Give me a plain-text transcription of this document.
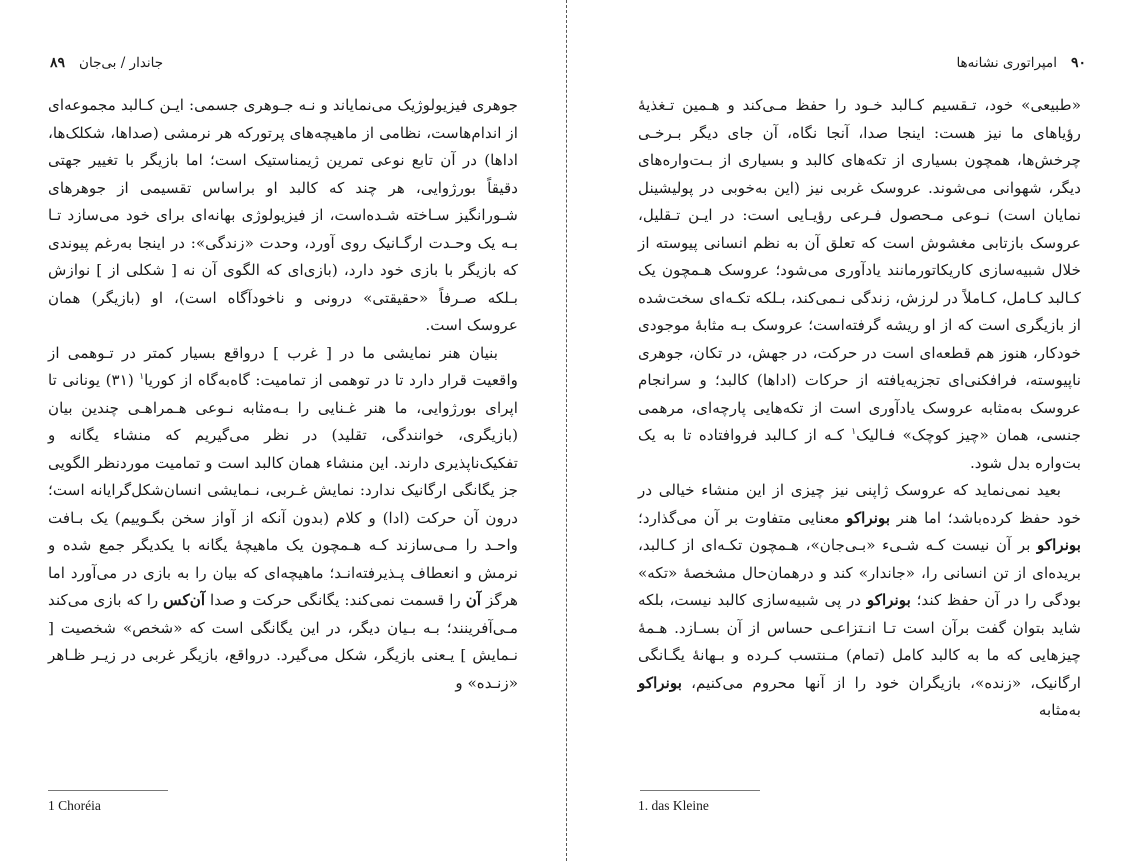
جاندار / بی‌جان
۸۹

جوهری فیزیولوژیک می‌نمایاند و نـه جـوهری جسمی: ایـن کـالبد مجموعه‌ای از اندام‌هاست، نظامی از ماهیچه‌های پرتورکه هر نرمشی (صداها، شکلک‌ها، اداها) در آن تابع نوعی تمرین ژیمناستیک است؛ اما بازیگر با تغییر جهتی دقیقاً بورژوایی، هر چند که کالبد او براساس تقسیمی از جوهرهای شـورانگیز سـاخته شـده‌است، از فیزیولوژی بهانه‌ای برای خود می‌سازد تـا بـه یک وحـدت ارگـانیک روی آورد، وحدت «زندگی»: در اینجا به‌رغم پیوندی که بازیگر با بازی خود دارد، (بازی‌ای که الگوی آن نه [ شکلی از ] نوازش بـلکه صـرفاً «حقیقتی» درونی و ناخودآگاه است)، او (بازیگر) همان عروسک است.

بنیان هنر نمایشی ما در [ غرب ] درواقع بسیار کمتر در تـوهمی از واقعیت قرار دارد تا در توهمی از تمامیت: گاه‌به‌گاه از کوریا$^۱$ (۳۱) یونانی تا اپرای بورژوایی، ما هنر غـنایی را بـه‌مثابه نـوعی هـمراهـی چندین بیان (بازیگری، خوانندگی، تقلید) در نظر می‌گیریم که منشاء یگانه و تفکیک‌ناپذیری دارند. این منشاء همان کالبد است و تمامیت موردنظر الگویی جز یگانگی ارگانیک ندارد: نمایش غـربی، نـمایشی انسان‌شکل‌گرایانه است؛ درون آن حرکت (ادا) و کلام (بدون آنکه از آواز سخن بگـوییم) یک بـافت واحـد را مـی‌سازند کـه هـمچون یک ماهیچهٔ یگانه با یکدیگر جمع شده و نرمش و انعطاف پـذیرفته‌انـد؛ ماهیچه‌ای که بیان را به بازی در می‌آورد اما هرگز آن را قسمت نمی‌کند: یگانگی حرکت و صدا آن‌کس را که بازی می‌کند مـی‌آفرینند؛ بـه بـیان دیگر، در این یگانگی است که «شخص» شخصیت [ نـمایش ] یـعنی بازیگر، شکل می‌گیرد. درواقع، بازیگر غربی در زیـر ظـاهر «زنـده» و

1 Choréia
۹۰
امپراتوری نشانه‌ها

«طبیعی» خود، تـقسیم کـالبد خـود را حفظ مـی‌کند و هـمین تـغذیهٔ رؤیاهای ما نیز هست: اینجا صدا، آنجا نگاه، آن جای دیگر بـرخـی چرخش‌ها، همچون بسیاری از تکه‌های کالبد و بسیاری از بـت‌واره‌های دیگر، شهوانی می‌شوند. عروسک غربی نیز (این به‌خوبی در پولیشینل نمایان است) نـوعی مـحصول فـرعی رؤیـایی است: در ایـن تـقلیل، عروسک بازتابی مغشوش است که تعلق آن به نظم انسانی پیوسته از خلال شبیه‌سازی کاریکاتورمانند یادآوری می‌شود؛ عروسک هـمچون یک کـالبد کـامل، کـاملاً در لرزش، زندگی نـمی‌کند، بـلکه تکـه‌ای سخت‌شده از بازیگری است که از او ریشه گرفته‌است؛ عروسک بـه مثابهٔ موجودی خودکار، هنوز هم قطعه‌ای است در حرکت، در جهش، در تکان، جوهری ناپیوسته، فرافکنی‌ای تجزیه‌یافته از حرکات (اداها) کالبد؛ و سرانجام عروسک به‌مثابه عروسک یادآوری است از تکه‌هایی پارچه‌ای، مرهمی جنسی، همان «چیز کوچک» فـالیک$^۱$ کـه از کـالبد فروافتاده تا به یک بت‌واره بدل شود.

بعید نمی‌نماید که عروسک ژاپنی نیز چیزی از این منشاء خیالی در خود حفظ کرده‌باشد؛ اما هنر بونراکو معنایی متفاوت بر آن می‌گذارد؛ بونراکو بر آن نیست کـه شـیء «بـی‌جان»، هـمچون تکـه‌ای از کـالبد، بریده‌ای از تن انسانی را، «جاندار» کند و درهمان‌حال مشخصهٔ «تکه» بودگی را در آن حفظ کند؛ بونراکو در پی شبیه‌سازی کالبد نیست، بلکه شاید بتوان گفت برآن است تـا انـتزاعـی حساس از آن بسـازد. هـمهٔ چیزهایی که ما به کالبد کامل (تمام) مـنتسب کـرده و بـهانهٔ یگـانگی ارگانیک، «زنده»، بازیگران خود را از آنها محروم می‌کنیم، بونراکو به‌مثابه

1. das Kleine
